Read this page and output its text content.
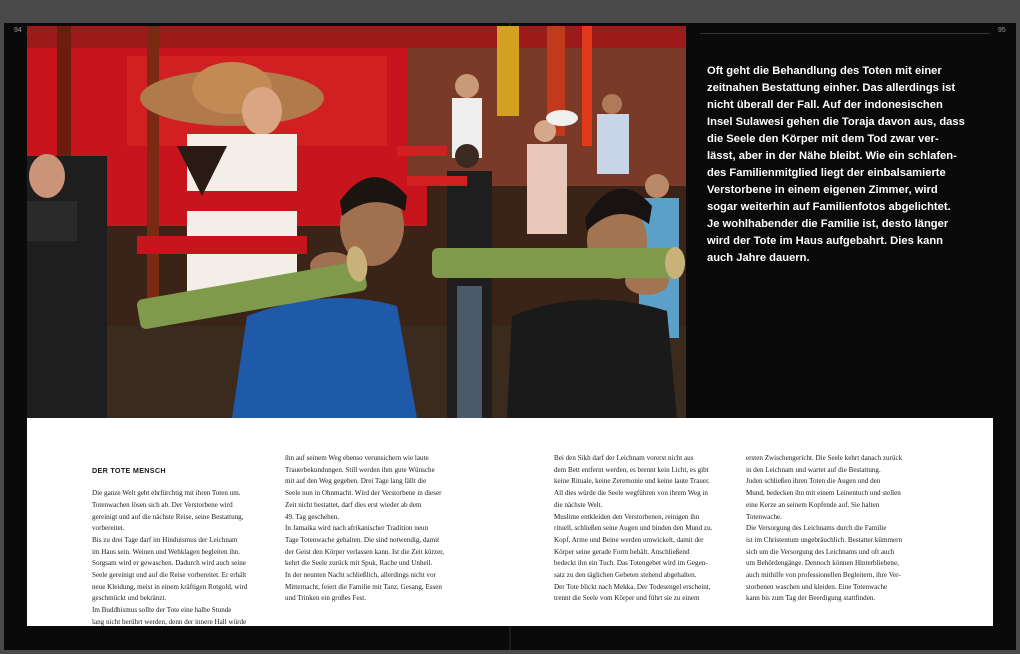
94	95
Oft geht die Behandlung des Toten mit einer
zeitnahen Bestattung einher. Das allerdings ist
nicht überall der Fall. Auf der indonesischen
Insel Sulawesi gehen die Toraja davon aus, dass
die Seele den Körper mit dem Tod zwar ver-
lässt, aber in der Nähe bleibt. Wie ein schlafen-
des Familienmitglied liegt der einbalsamierte
Verstorbene in einem eigenen Zimmer, wird
sogar weiterhin auf Familienfotos abgelichtet.
Je wohlhabender die Familie ist, desto länger
wird der Tote im Haus aufgebahrt. Dies kann
auch Jahre dauern.

DER TOTE MENSCH

Die ganze Welt geht ehrfürchtig mit ihren Toten um.
Totenwachen lösen sich ab. Der Verstorbene wird
gereinigt und auf die nächste Reise, seine Bestattung,
vorbereitet.
Bis zu drei Tage darf im Hinduismus der Leichnam
im Haus sein. Weinen und Wehklagen begleiten ihn.
Sorgsam wird er gewaschen. Dadurch wird auch seine
Seele gereinigt und auf die Reise vorbereitet. Er erhält
neue Kleidung, meist in einem kräftigen Rotgold, wird
geschmückt und bekränzt.
Im Buddhismus sollte der Tote eine halbe Stunde
lang nicht berührt werden, denn der innere Hall würde

ihn auf seinem Weg ebenso verunsichern wie laute
Trauerbekundungen. Still werden ihm gute Wünsche
mit auf den Weg gegeben. Drei Tage lang fällt die
Seele nun in Ohnmacht. Wird der Verstorbene in dieser
Zeit nicht bestattet, darf dies erst wieder ab dem
49. Tag geschehen.
In Jamaika wird nach afrikanischer Tradition neun
Tage Totenwache gehalten. Die sind notwendig, damit
der Geist den Körper verlassen kann. Ist die Zeit kürzer,
kehrt die Seele zurück mit Spuk, Rache und Unheil.
In der neunten Nacht schließlich, allerdings nicht vor
Mitternacht, feiert die Familie mit Tanz, Gesang, Essen
und Trinken ein großes Fest.
Bei den Sikh darf der Leichnam vorerst nicht aus
dem Bett entfernt werden, es brennt kein Licht, es gibt
keine Rituale, keine Zeremonie und keine laute Trauer.
All dies würde die Seele wegführen von ihrem Weg in
die nächste Welt.
Muslime entkleiden den Verstorbenen, reinigen ihn
rituell, schließen seine Augen und binden den Mund zu.
Kopf, Arme und Beine werden umwickelt, damit der
Körper seine gerade Form behält. Anschließend
bedeckt ihn ein Tuch. Das Totengebet wird im Gegen-
satz zu den täglichen Gebeten stehend abgehalten.
Der Tote blickt nach Mekka. Der Todesengel erscheint,
trennt die Seele vom Körper und führt sie zu einem
ersten Zwischengericht. Die Seele kehrt danach zurück
in den Leichnam und wartet auf die Bestattung.
Juden schließen ihren Toten die Augen und den
Mund, bedecken ihn mit einem Leinentuch und stellen
eine Kerze an seinem Kopfende auf. Sie halten
Totenwache.
Die Versorgung des Leichnams durch die Familie
ist im Christentum ungebräuchlich. Bestatter kümmern
sich um die Versorgung des Leichnams und oft auch
um Behördengänge. Dennoch können Hinterbliebene,
auch mithilfe von professionellen Begleitern, ihre Ver-
storbenen waschen und kleiden. Eine Totenwache
kann bis zum Tag der Beerdigung stattfinden.
